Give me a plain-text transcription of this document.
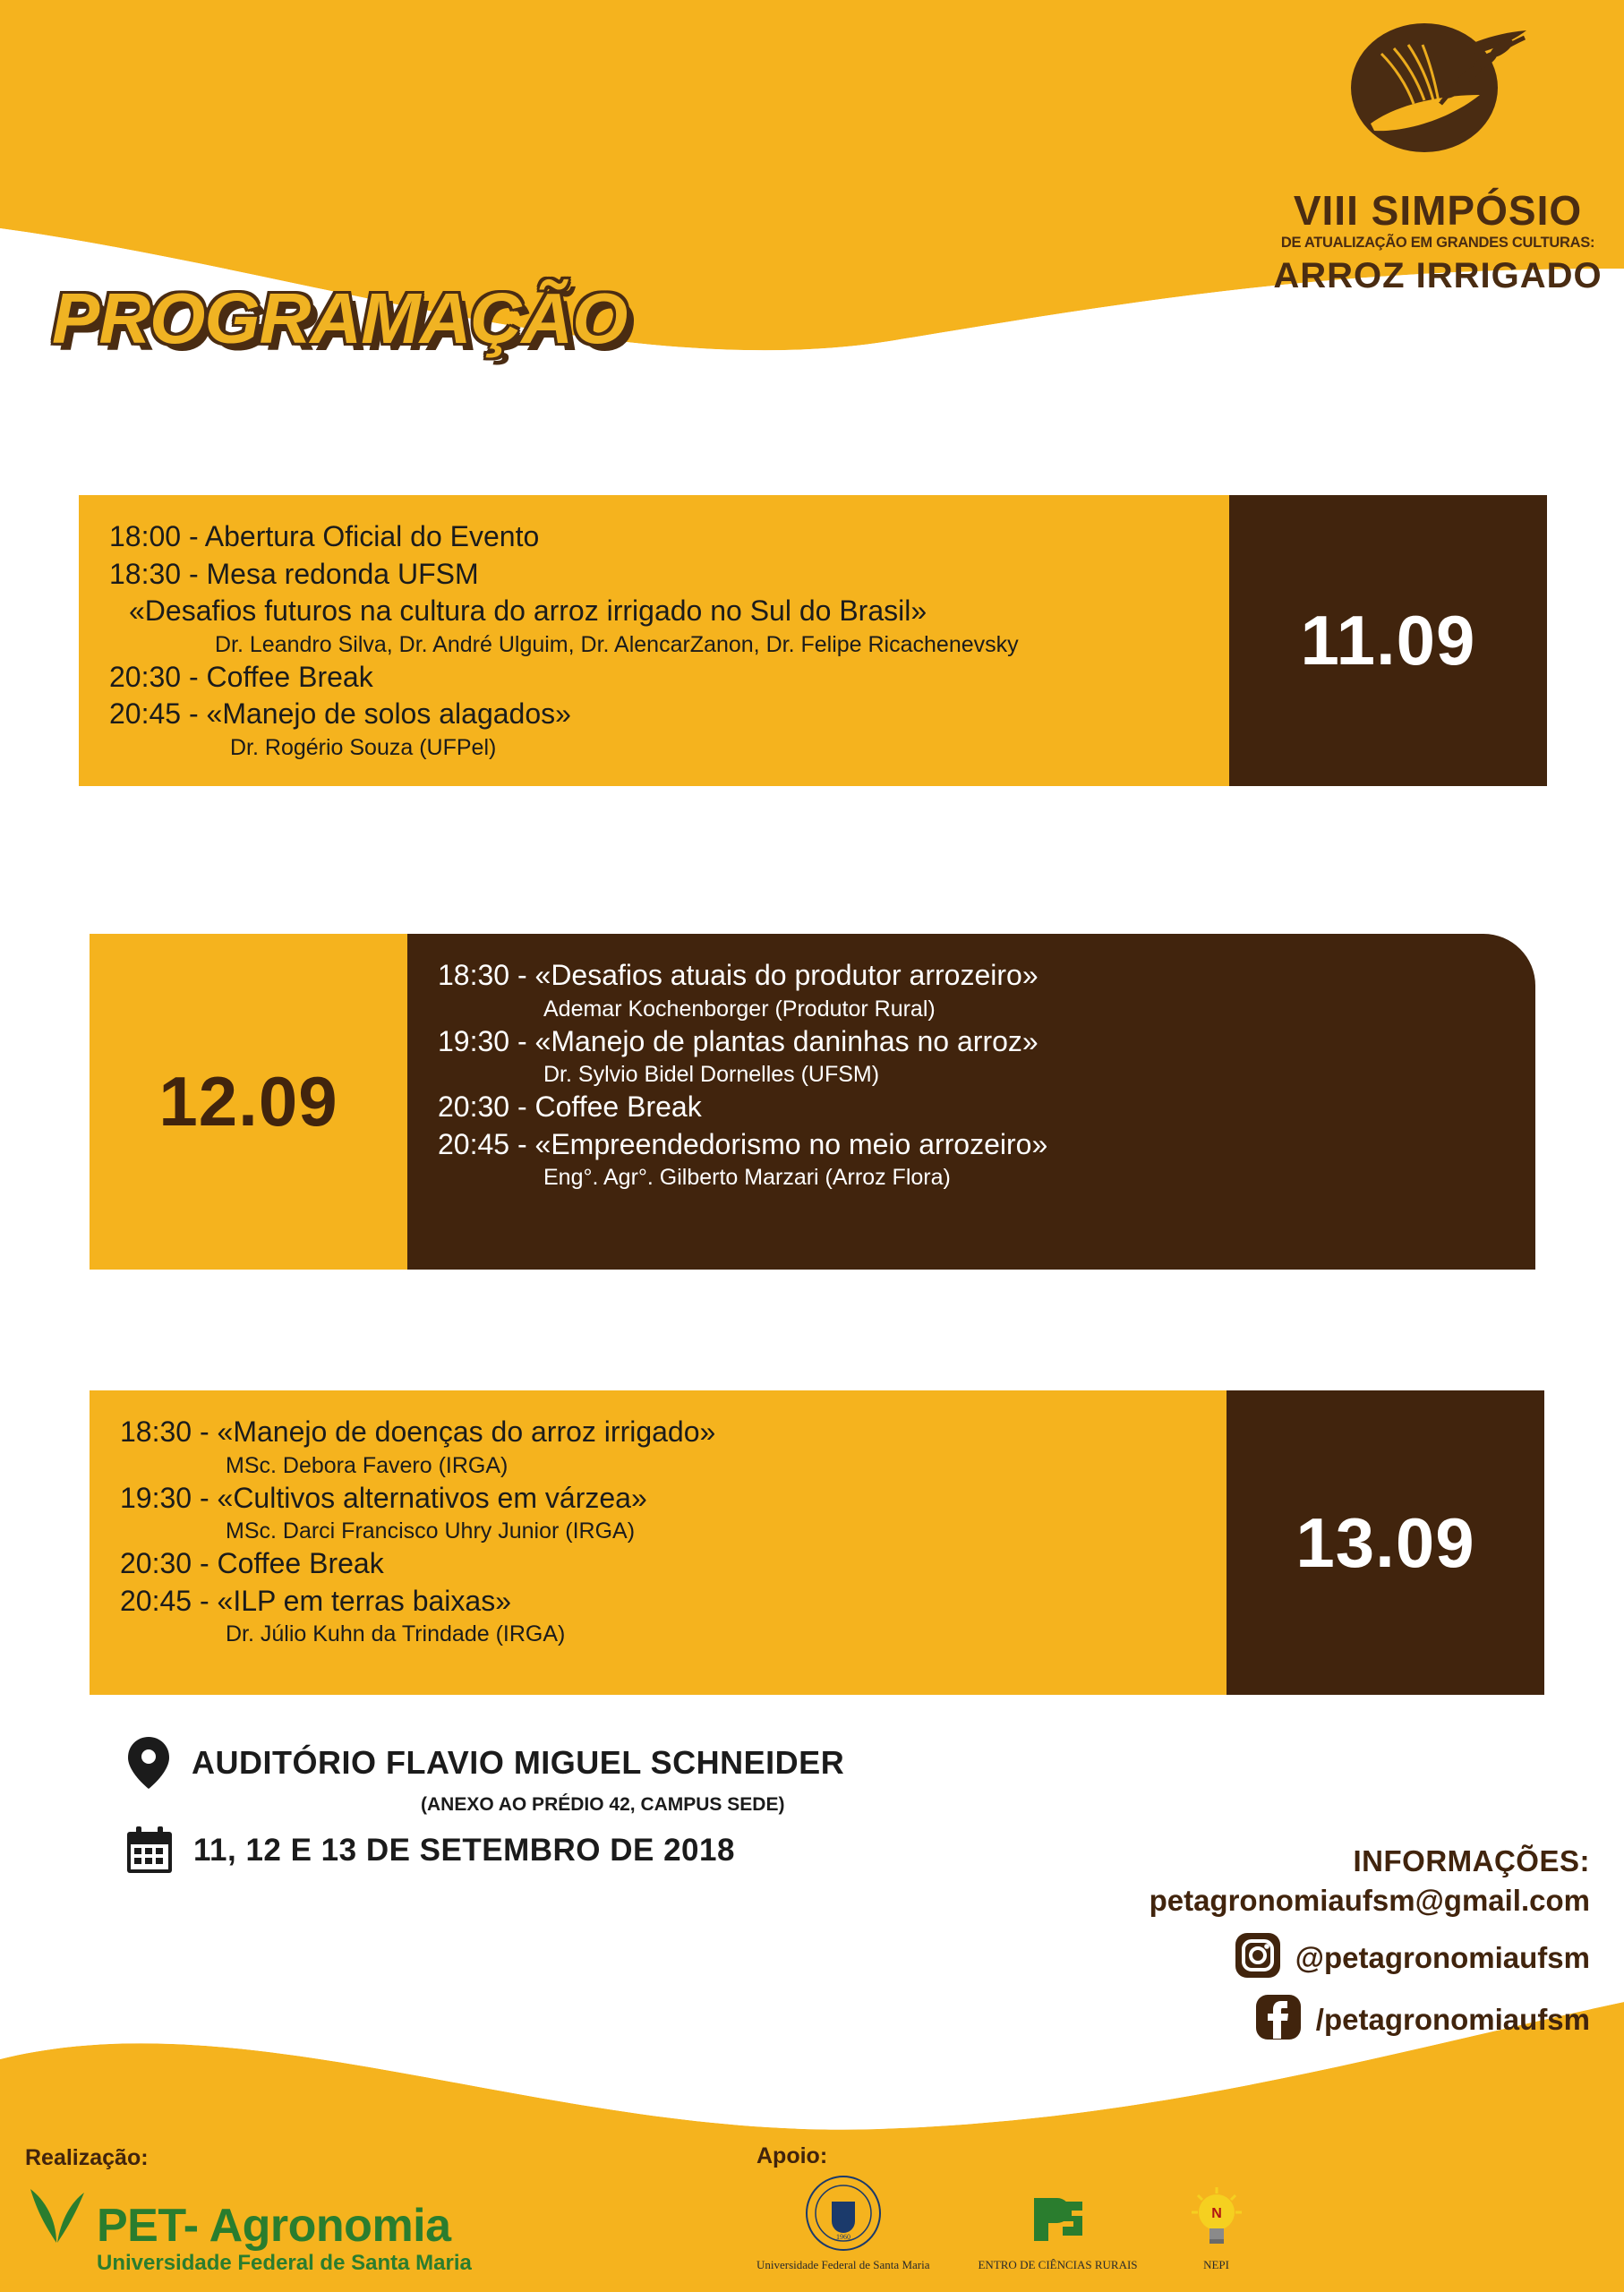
VIII SIMPÓSIO
DE ATUALIZAÇÃO EM GRANDES CULTURAS:
ARROZ IRRIGADO
PROGRAMAÇÃO
18:00 - Abertura Oficial do Evento
18:30 - Mesa redonda UFSM
«Desafios futuros na cultura do arroz irrigado no Sul do Brasil»
Dr. Leandro Silva, Dr. André Ulguim, Dr. AlencarZanon, Dr. Felipe Ricachenevsky
20:30 - Coffee Break
20:45 - «Manejo de solos alagados»
Dr. Rogério Souza (UFPel)
11.09
12.09
18:30 - «Desafios atuais do produtor arrozeiro»
Ademar Kochenborger (Produtor Rural)
19:30 - «Manejo de plantas daninhas no arroz»
Dr. Sylvio Bidel Dornelles (UFSM)
20:30 - Coffee Break
20:45 - «Empreendedorismo no meio arrozeiro»
Eng°. Agr°. Gilberto Marzari (Arroz Flora)
18:30 - «Manejo de doenças do arroz irrigado»
MSc. Debora Favero (IRGA)
19:30 - «Cultivos alternativos em várzea»
MSc. Darci Francisco Uhry Junior (IRGA)
20:30 - Coffee Break
20:45 - «ILP em terras baixas»
Dr. Júlio Kuhn da Trindade (IRGA)
13.09
AUDITÓRIO FLAVIO MIGUEL SCHNEIDER
(ANEXO AO PRÉDIO 42, CAMPUS SEDE)
11, 12 E 13 DE SETEMBRO DE 2018	INFORMAÇÕES:
petagronomiaufsm@gmail.com
@petagronomiaufsm
/petagronomiaufsm
Realização:
PET- Agronomia
Universidade Federal de Santa Maria
Apoio:
1960
Universidade Federal de Santa Maria	ENTRO DE CIÊNCIAS RURAIS
N
NEPI
